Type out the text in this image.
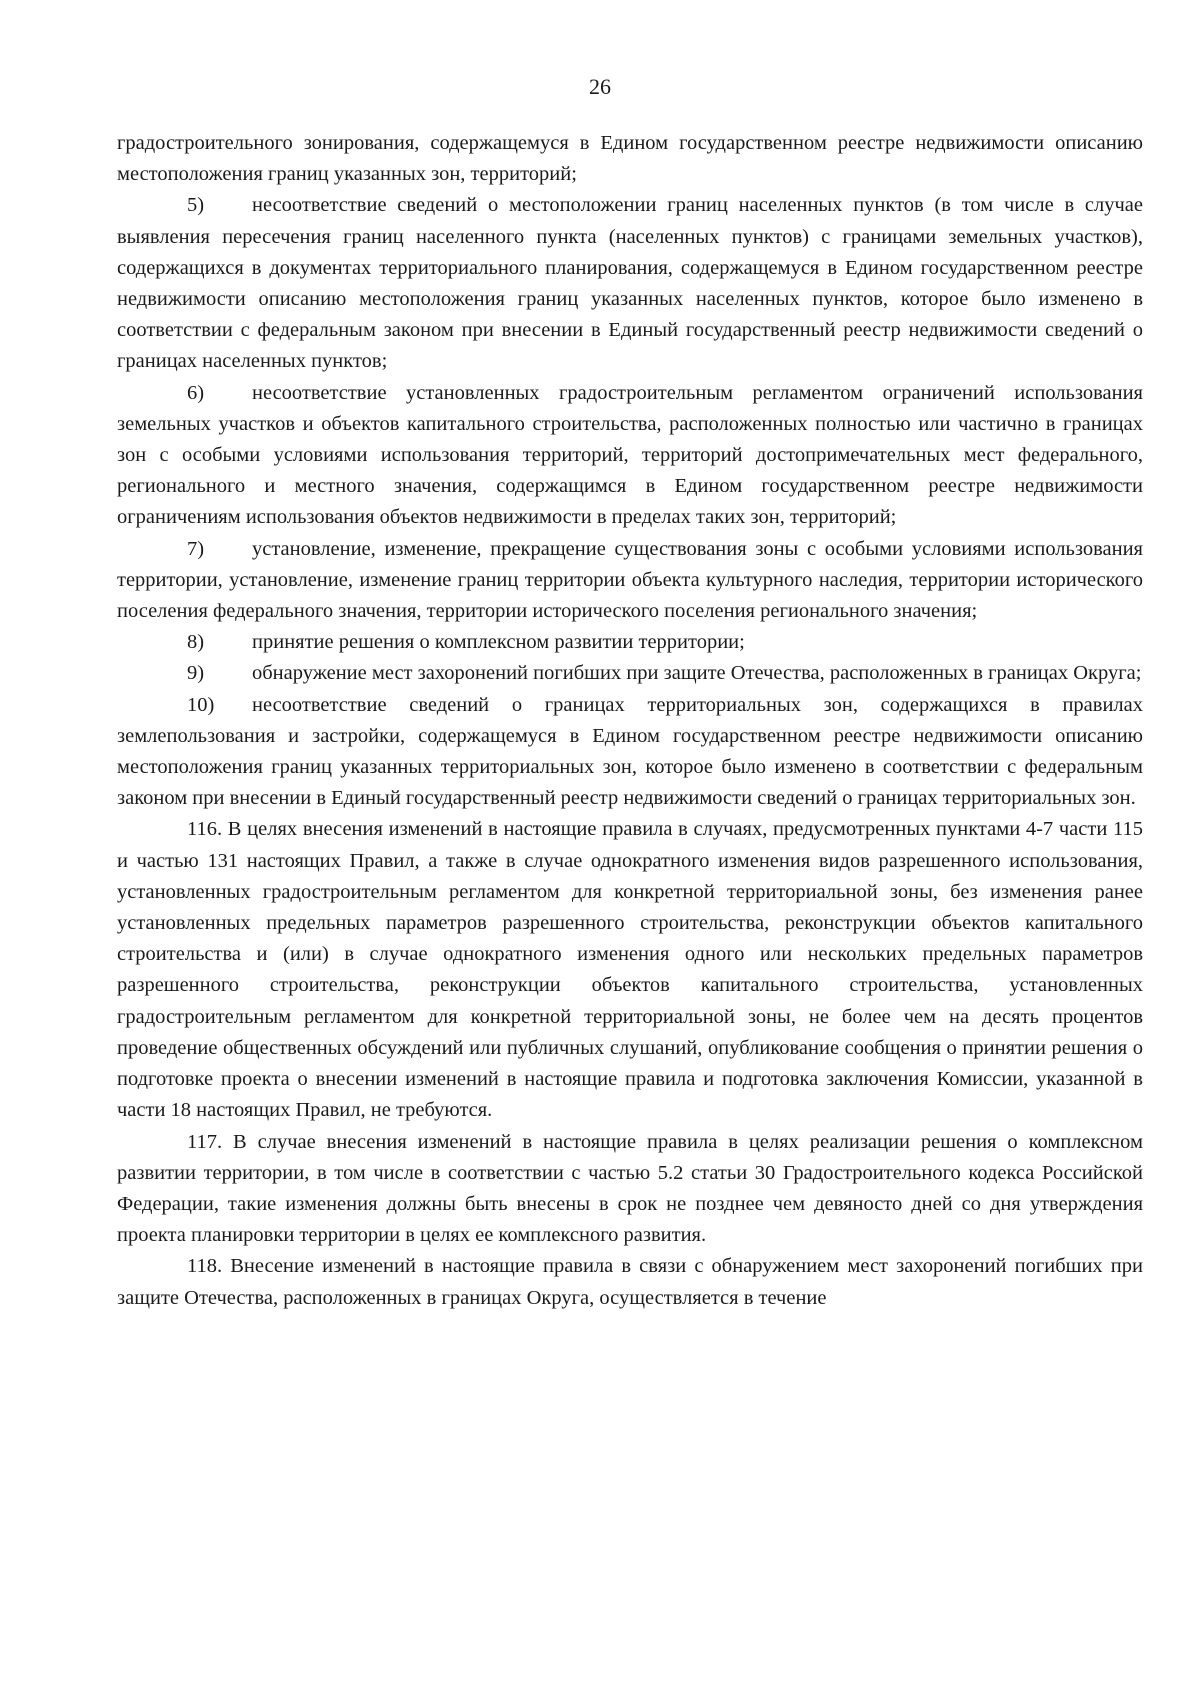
26

градостроительного зонирования, содержащемуся в Едином государственном реестре недвижимости описанию местоположения границ указанных зон, территорий;

5) несоответствие сведений о местоположении границ населенных пунктов (в том числе в случае выявления пересечения границ населенного пункта (населенных пунктов) с границами земельных участков), содержащихся в документах территориального планирования, содержащемуся в Едином государственном реестре недвижимости описанию местоположения границ указанных населенных пунктов, которое было изменено в соответствии с федеральным законом при внесении в Единый государственный реестр недвижимости сведений о границах населенных пунктов;

6) несоответствие установленных градостроительным регламентом ограничений использования земельных участков и объектов капитального строительства, расположенных полностью или частично в границах зон с особыми условиями использования территорий, территорий достопримечательных мест федерального, регионального и местного значения, содержащимся в Едином государственном реестре недвижимости ограничениям использования объектов недвижимости в пределах таких зон, территорий;

7) установление, изменение, прекращение существования зоны с особыми условиями использования территории, установление, изменение границ территории объекта культурного наследия, территории исторического поселения федерального значения, территории исторического поселения регионального значения;

8) принятие решения о комплексном развитии территории;

9) обнаружение мест захоронений погибших при защите Отечества, расположенных в границах Округа;

10) несоответствие сведений о границах территориальных зон, содержащихся в правилах землепользования и застройки, содержащемуся в Едином государственном реестре недвижимости описанию местоположения границ указанных территориальных зон, которое было изменено в соответствии с федеральным законом при внесении в Единый государственный реестр недвижимости сведений о границах территориальных зон.

116. В целях внесения изменений в настоящие правила в случаях, предусмотренных пунктами 4-7 части 115 и частью 131 настоящих Правил, а также в случае однократного изменения видов разрешенного использования, установленных градостроительным регламентом для конкретной территориальной зоны, без изменения ранее установленных предельных параметров разрешенного строительства, реконструкции объектов капитального строительства и (или) в случае однократного изменения одного или нескольких предельных параметров разрешенного строительства, реконструкции объектов капитального строительства, установленных градостроительным регламентом для конкретной территориальной зоны, не более чем на десять процентов проведение общественных обсуждений или публичных слушаний, опубликование сообщения о принятии решения о подготовке проекта о внесении изменений в настоящие правила и подготовка заключения Комиссии, указанной в части 18 настоящих Правил, не требуются.

117. В случае внесения изменений в настоящие правила в целях реализации решения о комплексном развитии территории, в том числе в соответствии с частью 5.2 статьи 30 Градостроительного кодекса Российской Федерации, такие изменения должны быть внесены в срок не позднее чем девяносто дней со дня утверждения проекта планировки территории в целях ее комплексного развития.

118. Внесение изменений в настоящие правила в связи с обнаружением мест захоронений погибших при защите Отечества, расположенных в границах Округа, осуществляется в течение
